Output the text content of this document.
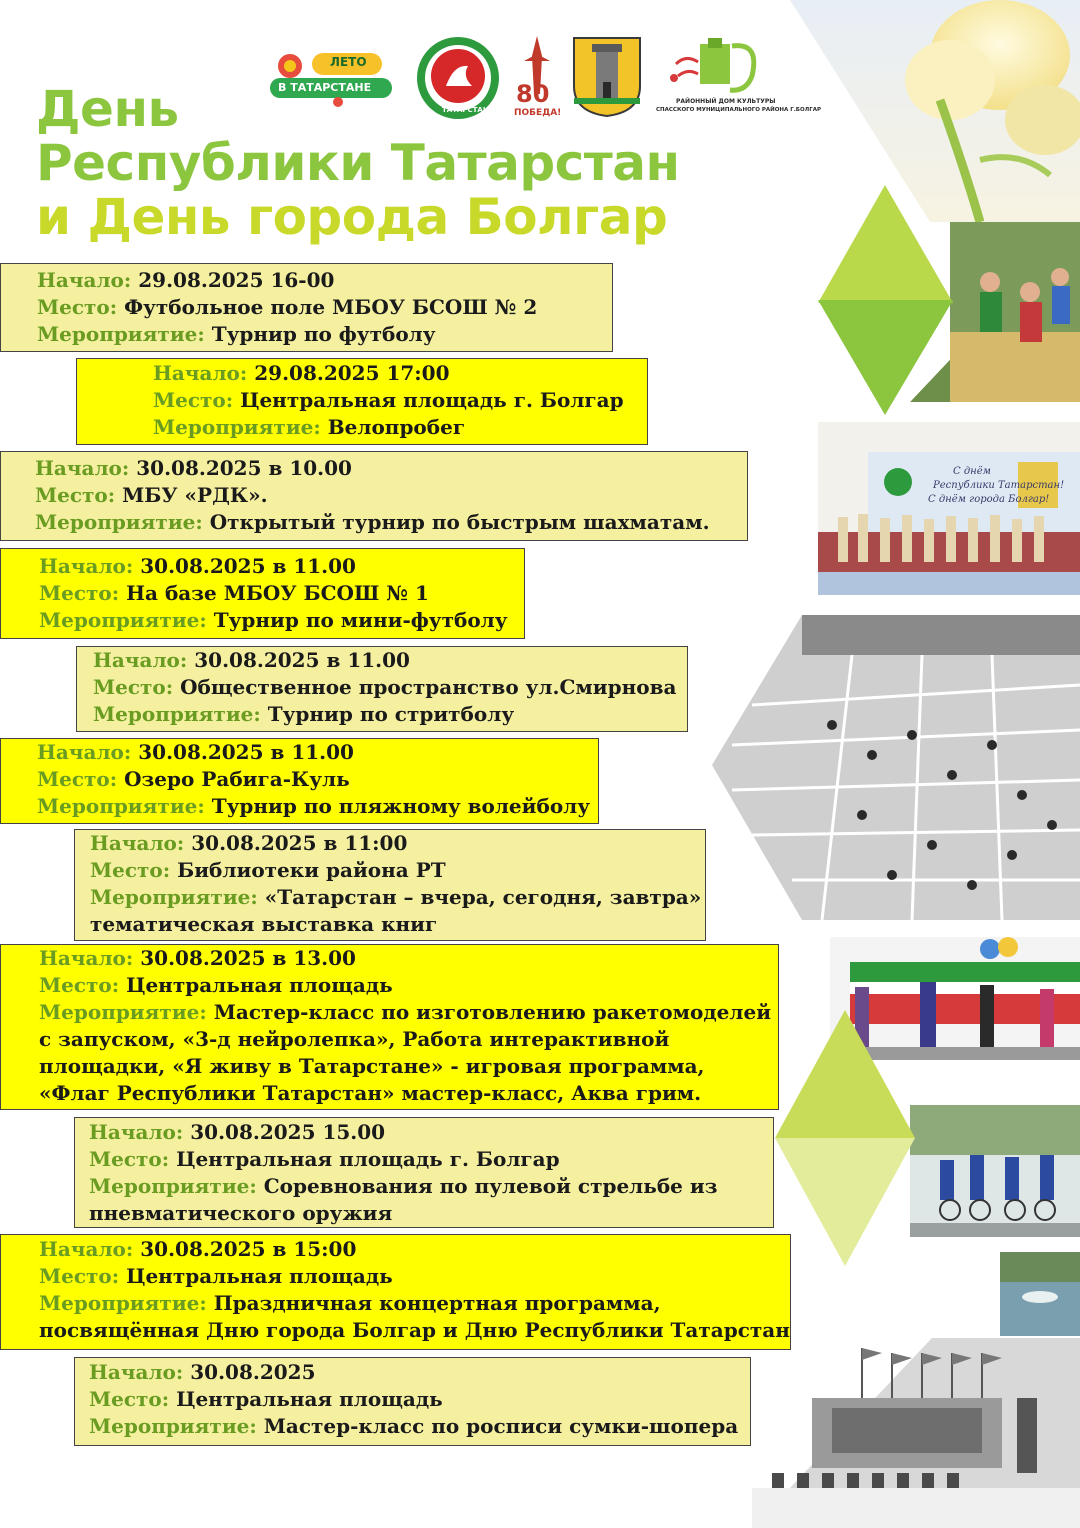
С днём
Республики Татарстан!
С днём города Болгар!
ЛЕТО
В ТАТАРСТАНЕ
ТАТАРСТАН
80
ПОБЕДА!
РАЙОННЫЙ ДОМ КУЛЬТУРЫ
СПАССКОГО МУНИЦИПАЛЬНОГО РАЙОНА Г.БОЛГАР
День
Республики Татарстан
и День города Болгар
Начало: 29.08.2025 16-00
Место: Футбольное поле МБОУ БСОШ № 2
Мероприятие: Турнир по футболу
Начало: 29.08.2025 17:00
Место: Центральная площадь г. Болгар
Мероприятие: Велопробег
Начало: 30.08.2025 в 10.00
Место: МБУ «РДК».
Мероприятие: Открытый турнир по быстрым шахматам.
Начало: 30.08.2025 в 11.00
Место: На базе МБОУ БСОШ № 1
Мероприятие: Турнир по мини-футболу
Начало: 30.08.2025 в 11.00
Место: Общественное пространство ул.Смирнова
Мероприятие: Турнир по стритболу
Начало: 30.08.2025 в 11.00
Место: Озеро Рабига-Куль
Мероприятие: Турнир по пляжному волейболу
Начало: 30.08.2025 в 11:00
Место: Библиотеки района РТ
Мероприятие: «Татарстан – вчера, сегодня, завтра»
тематическая выставка книг
Начало: 30.08.2025 в 13.00
Место: Центральная площадь
Мероприятие: Мастер-класс по изготовлению ракетомоделей
с запуском, «3-д нейролепка», Работа интерактивной
площадки, «Я живу в Татарстане» - игровая программа,
«Флаг Республики Татарстан» мастер-класс, Аква грим.
Начало: 30.08.2025 15.00
Место: Центральная площадь г. Болгар
Мероприятие: Соревнования по пулевой стрельбе из
пневматического оружия
Начало: 30.08.2025 в 15:00
Место: Центральная площадь
Мероприятие: Праздничная концертная программа,
посвящённая Дню города Болгар и Дню Республики Татарстан
Начало: 30.08.2025
Место: Центральная площадь
Мероприятие: Мастер-класс по росписи сумки-шопера
